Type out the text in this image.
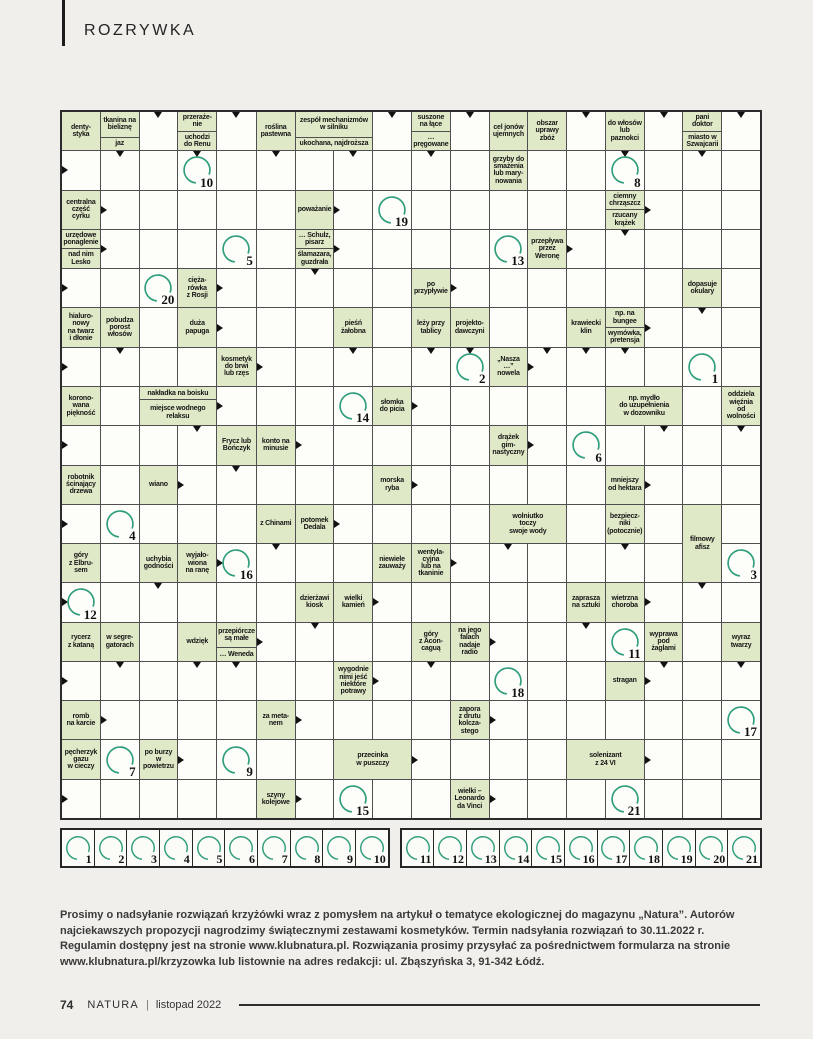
ROZRYWKA
denty-
styka
tkanina na
bieliznę
jaz
przeraże-
nie
uchodzi
do Renu
roślina
pastewna
zespół mechanizmów
w silniku
ukochana, najdroższa
suszone
na łące
…
pręgowane
cel jonów
ujemnych
obszar
uprawy
zbóż
do włosów
lub
paznokci
pani
doktor
miasto w
Szwajcarii
10
grzyby do
smażenia
lub mary-
nowania	8
centralna
część
cyrku
poważanie
19
ciemny
chrząszcz
rzucany
krążek
urzędowe
ponaglenie
nad nim
Lesko	5
… Schulz,
pisarz
ślamazara,
guzdrała	13
przepływa
przez
Weronę
20
cięża-
rówka
z Rosji
po
przypływie
dopasuje
okulary
hialuro-
nowy
na twarz
i dłonie
pobudza
porost
włosów
duża
papuga
pieśń
żałobna
leży przy
tablicy
projekto-
dawczyni
krawiecki
klin
np. na
bungee
wymówka,
pretensja
kosmetyk
do brwi
lub rzęs	2
„Nasza
…”
nowela	1
korono-
wana
piękność
nakładka na boisku
miejsce wodnego
relaksu	14
słomka
do picia
np. mydło
do uzupełnienia
w dozowniku
oddziela
więźnia
od
wolności
Frycz lub
Bończyk
konto na
minusie
drążek
gim-
nastyczny	6
robotnik
ścinający
drzewa
wiano
morska
ryba
mniejszy
od hektara
4
z Chinami
potomek
Dedala
wolniutko
toczy
swoje wody
bezpiecz-
niki
(potocznie)
filmowy
afisz
góry
z Elbru-
sem
uchybia
godności
wyjało-
wiona
na ranę 16
niewiele
zauważy
wentyla-
cyjna
lub na
tkaninie	3
12
dzierżawi
kiosk
wielki
kamień
zaprasza
na sztuki
wietrzna
choroba
rycerz
z kataną
w segre-
gatorach
wdzięk
przepiórcze
są małe
… Weneda
góry
z Acon-
caguą
na jego
falach
nadaje
radio	11
wyprawa
pod
żaglami
wyraz
twarzy
wygodnie
nimi jeść
niektóre
potrawy	18
stragan
romb
na karcie
za meta-
nem
zapora
z drutu
kolcza-
stego	17
pęcherzyk
gazu
w cieczy	7
po burzy
w
powietrzu	9
przecinka
w puszczy
solenizant
z 24 VI
szyny
kolejowe
15
wielki –
Leonardo
da Vinci	21
1 2 3 4 5 6 7 8 9 10	11 12 13 14 15 16 17 18 19 20 21

Prosimy o nadsyłanie rozwiązań krzyżówki wraz z pomysłem na artykuł o tematyce ekologicznej do magazynu „Natura”. Autorów najciekawszych propozycji nagrodzimy świątecznymi zestawami kosmetyków. Termin nadsyłania rozwiązań to 30.11.2022 r. Regulamin dostępny jest na stronie www.klubnatura.pl. Rozwiązania prosimy przysyłać za pośrednictwem formularza na stronie www.klubnatura.pl/krzyzowka lub listownie na adres redakcji: ul. Zbąszyńska 3, 91-342 Łódź.

74 NATURA | listopad 2022
